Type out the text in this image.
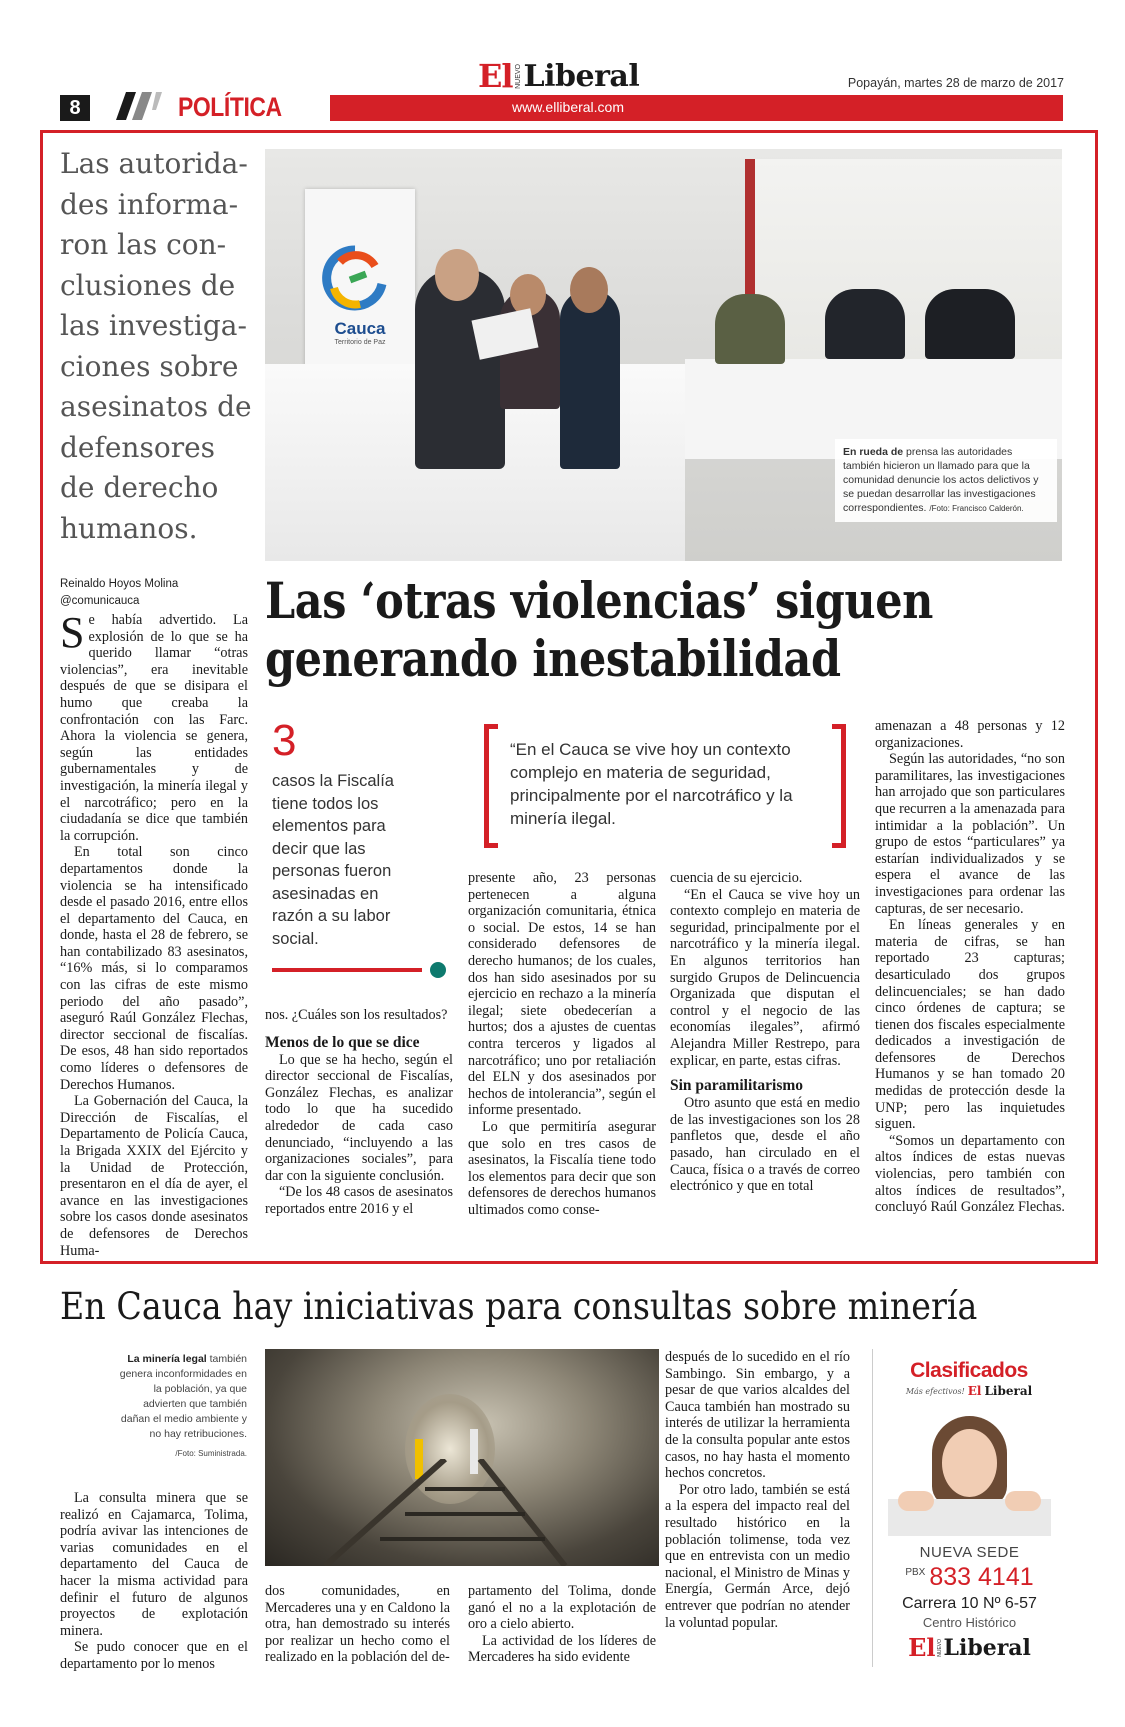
El NUEVO Liberal	Popayán, martes 28 de marzo de 2017
www.elliberal.com
8	POLÍTICA
Las autorida-
des informa-
ron las con-
clusiones de
las investiga-
ciones sobre
asesinatos de
defensores
de derecho
humanos.
Cauca
Territorio de Paz
En rueda de prensa las autoridades también hicieron un llamado para que la comunidad denuncie los actos delictivos y se puedan desarrollar las investigaciones correspondientes. /Foto: Francisco Calderón.
Reinaldo Hoyos Molina
@comunicauca	Las ‘otras violencias’ siguen
generando inestabilidad

Se había advertido. La explosión de lo que se ha querido llamar “otras violencias”, era inevitable después de que se disipara el humo que creaba la confrontación con las Farc. Ahora la violencia se genera, según las entidades gubernamentales y de investigación, la minería ilegal y el narcotráfico; pero en la ciudadanía se dice que también la corrupción.

En total son cinco departamentos donde la violencia se ha intensificado desde el pasado 2016, entre ellos el departamento del Cauca, en donde, hasta el 28 de febrero, se han contabilizado 83 asesinatos, “16% más, si lo comparamos con las cifras de este mismo periodo del año pasado”, aseguró Raúl González Flechas, director seccional de fiscalías. De esos, 48 han sido reportados como líderes o defensores de Derechos Humanos.

La Gobernación del Cauca, la Dirección de Fiscalías, el Departamento de Policía Cauca, la Brigada XXIX del Ejército y la Unidad de Protección, presentaron en el día de ayer, el avance en las investigaciones sobre los casos donde asesinatos de defensores de Derechos Huma-

3
casos la Fiscalía tiene todos los elementos para decir que las personas fueron asesinadas en razón a su labor social.

nos. ¿Cuáles son los resultados?

Menos de lo que se dice

Lo que se ha hecho, según el director seccional de Fiscalías, González Flechas, es analizar todo lo que ha sucedido alrededor de cada caso denunciado, “incluyendo a las organizaciones sociales”, para dar con la siguiente conclusión.

“De los 48 casos de asesinatos reportados entre 2016 y el

“En el Cauca se vive hoy un contexto complejo en materia de seguridad, principalmente por el narcotráfico y la minería ilegal.

presente año, 23 personas pertenecen a alguna organización comunitaria, étnica o social. De estos, 14 se han considerado defensores de derecho humanos; de los cuales, dos han sido asesinados por su ejercicio en rechazo a la minería ilegal; siete obedecerían a hurtos; dos a ajustes de cuentas contra terceros y ligados al narcotráfico; uno por retaliación del ELN y dos asesinados por hechos de intolerancia”, según el informe presentado.

Lo que permitiría asegurar que solo en tres casos de asesinatos, la Fiscalía tiene todo los elementos para decir que son defensores de derechos humanos ultimados como conse-

cuencia de su ejercicio.

“En el Cauca se vive hoy un contexto complejo en materia de seguridad, principalmente por el narcotráfico y la minería ilegal. En algunos territorios han surgido Grupos de Delincuencia Organizada que disputan el control y el negocio de las economías ilegales”, afirmó Alejandra Miller Restrepo, para explicar, en parte, estas cifras.

Sin paramilitarismo

Otro asunto que está en medio de las investigaciones son los 28 panfletos que, desde el año pasado, han circulado en el Cauca, física o a través de correo electrónico y que en total

amenazan a 48 personas y 12 organizaciones.

Según las autoridades, “no son paramilitares, las investigaciones han arrojado que son particulares que recurren a la amenazada para intimidar a la población”. Un grupo de estos “particulares” ya estarían individualizados y se espera el avance de las investigaciones para ordenar las capturas, de ser necesario.

En líneas generales y en materia de cifras, se han reportado 23 capturas; desarticulado dos grupos delincuenciales; se han dado cinco órdenes de captura; se tienen dos fiscales especialmente dedicados a investigación de defensores de Derechos Humanos y se han tomado 20 medidas de protección desde la UNP; pero las inquietudes siguen.

“Somos un departamento con altos índices de estas nuevas violencias, pero también con altos índices de resultados”, concluyó Raúl González Flechas.

En Cauca hay iniciativas para consultas sobre minería
La minería legal también genera inconformidades en la población, ya que advierten que también dañan el medio ambiente y no hay retribuciones.
/Foto: Suministrada.

La consulta minera que se realizó en Cajamarca, Tolima, podría avivar las intenciones de varias comunidades en el departamento del Cauca de hacer la misma actividad para definir el futuro de algunos proyectos de explotación minera.

Se pudo conocer que en el departamento por lo menos

dos comunidades, en Mercaderes una y en Caldono la otra, han demostrado su interés por realizar un hecho como el realizado en la población del de-

partamento del Tolima, donde ganó el no a la explotación de oro a cielo abierto.

La actividad de los líderes de Mercaderes ha sido evidente

después de lo sucedido en el río Sambingo. Sin embargo, y a pesar de que varios alcaldes del Cauca también han mostrado su interés de utilizar la herramienta de la consulta popular ante estos casos, no hay hasta el momento hechos concretos.

Por otro lado, también se está a la espera del impacto real del resultado histórico en la población tolimense, toda vez que en entrevista con un medio nacional, el Ministro de Minas y Energía, Germán Arce, dejó entrever que podrían no atender la voluntad popular.

Clasificados
Más efectivos! El Liberal
NUEVA SEDE
PBX 833 4141
Carrera 10 Nº 6-57
Centro Histórico
El NUEVO Liberal
